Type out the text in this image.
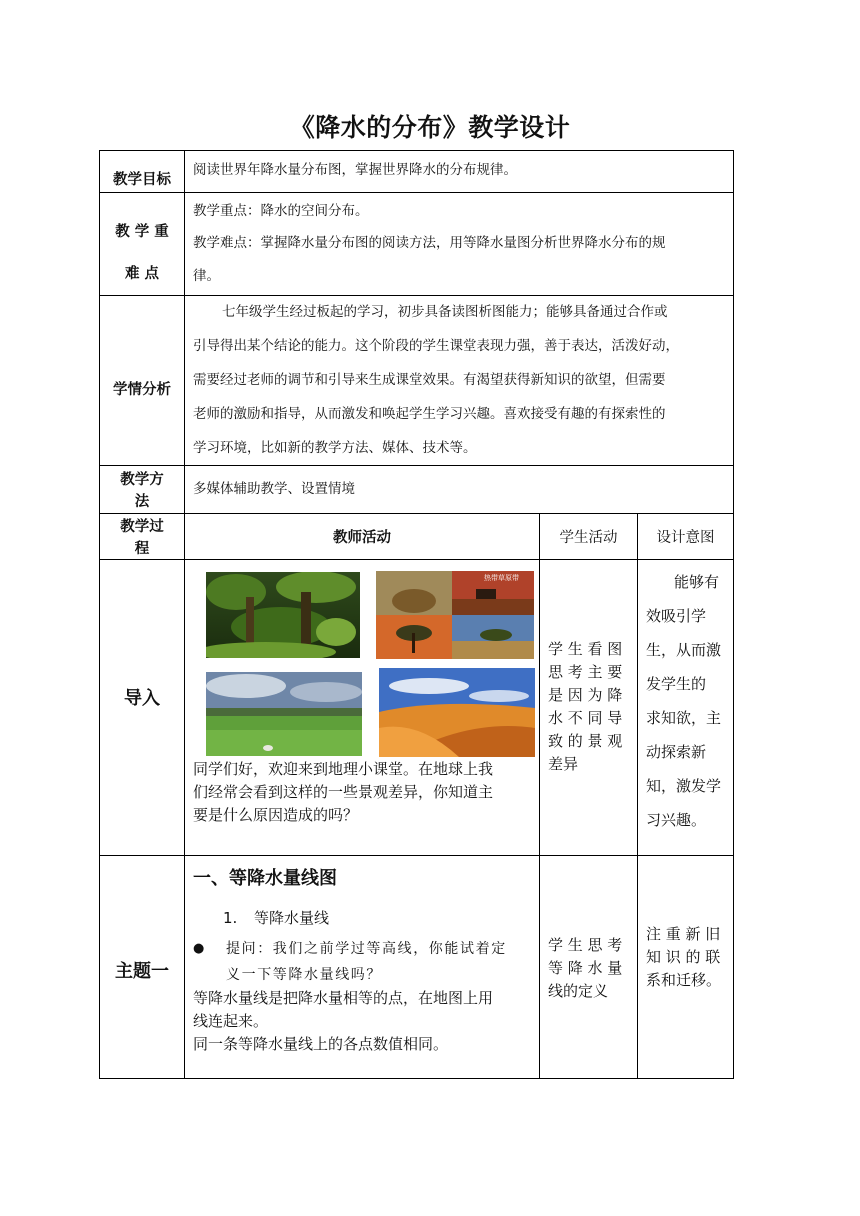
《降水的分布》教学设计
教学目标
阅读世界年降水量分布图，掌握世界降水的分布规律。
教 学 重
难 点
教学重点：降水的空间分布。
教学难点：掌握降水量分布图的阅读方法，用等降水量图分析世界降水分布的规
律。
学情分析
七年级学生经过板起的学习，初步具备读图析图能力；能够具备通过合作或
引导得出某个结论的能力。这个阶段的学生课堂表现力强，善于表达，活泼好动，
需要经过老师的调节和引导来生成课堂效果。有渴望获得新知识的欲望，但需要
老师的激励和指导，从而激发和唤起学生学习兴趣。喜欢接受有趣的有探索性的
学习环境，比如新的教学方法、媒体、技术等。
教学方
法
多媒体辅助教学、设置情境
教学过
程
教师活动	学生活动	设计意图
导入
热带草原带
同学们好，欢迎来到地理小课堂。在地球上我
们经常会看到这样的一些景观差异，你知道主
要是什么原因造成的吗？
学 生 看 图
思 考 主 要
是 因 为 降
水 不 同 导
致 的 景 观
差异
能够有
效吸引学
生，从而激
发学生的
求知欲，主
动探索新
知，激发学
习兴趣。
主题一
一、等降水量线图
1. 等降水量线
● 提问：我们之前学过等高线，你能试着定
义一下等降水量线吗？
等降水量线是把降水量相等的点，在地图上用
线连起来。
同一条等降水量线上的各点数值相同。
学 生 思 考
等 降 水 量
线的定义
注 重 新 旧
知 识 的 联
系和迁移。
